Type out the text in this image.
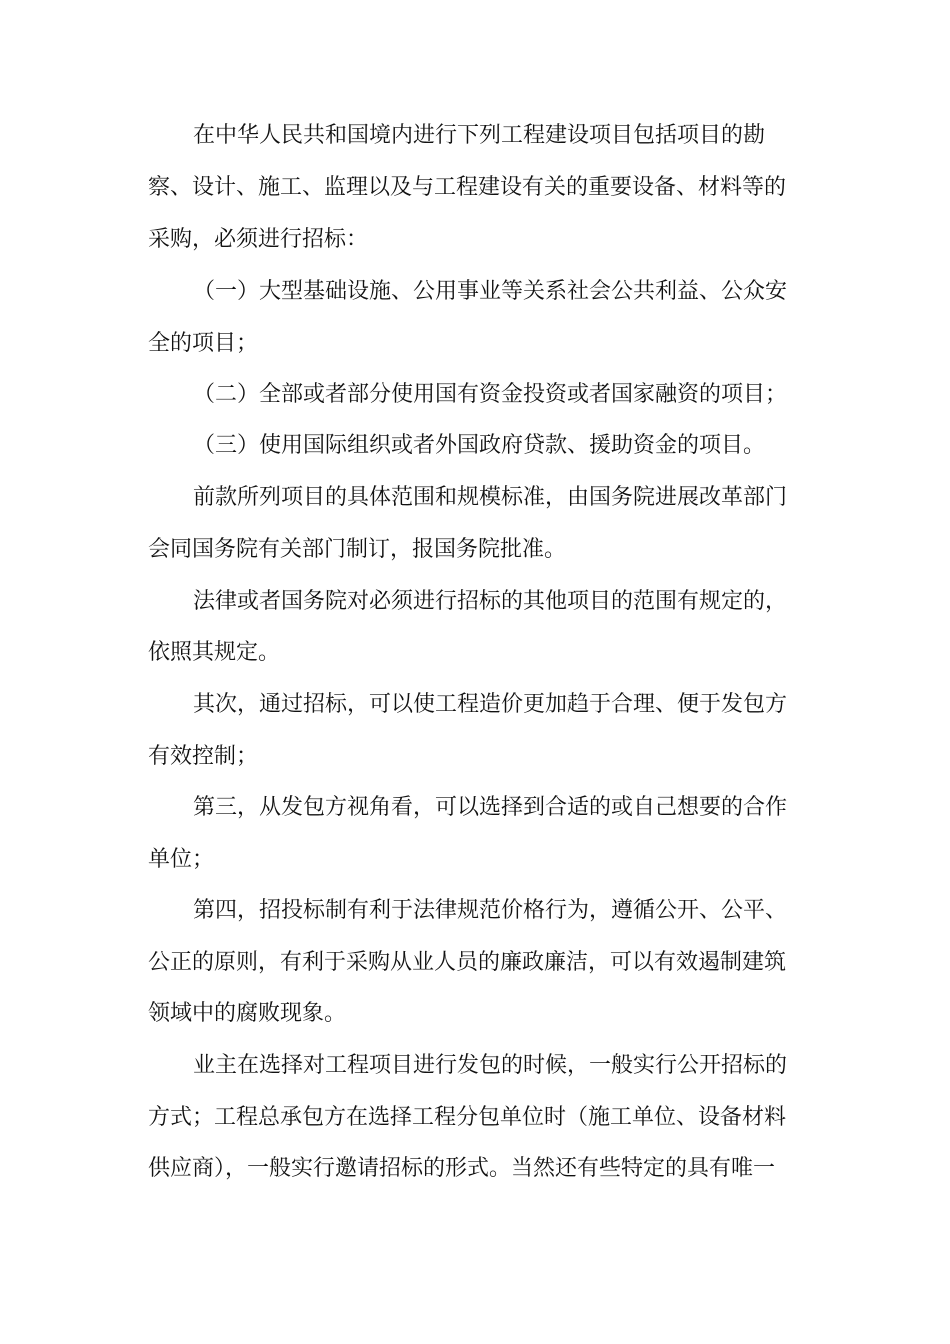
在中华人民共和国境内进行下列工程建设项目包括项目的勘
察、设计、施工、监理以及与工程建设有关的重要设备、材料等的
采购，必须进行招标：
（一）大型基础设施、公用事业等关系社会公共利益、公众安
全的项目；
（二）全部或者部分使用国有资金投资或者国家融资的项目；
（三）使用国际组织或者外国政府贷款、援助资金的项目。
前款所列项目的具体范围和规模标准，由国务院进展改革部门
会同国务院有关部门制订，报国务院批准。
法律或者国务院对必须进行招标的其他项目的范围有规定的，
依照其规定。
其次，通过招标，可以使工程造价更加趋于合理、便于发包方
有效控制；
第三，从发包方视角看，可以选择到合适的或自己想要的合作
单位；
第四，招投标制有利于法律规范价格行为，遵循公开、公平、
公正的原则，有利于采购从业人员的廉政廉洁，可以有效遏制建筑
领域中的腐败现象。
业主在选择对工程项目进行发包的时候，一般实行公开招标的
方式；工程总承包方在选择工程分包单位时（施工单位、设备材料
供应商），一般实行邀请招标的形式。当然还有些特定的具有唯一
